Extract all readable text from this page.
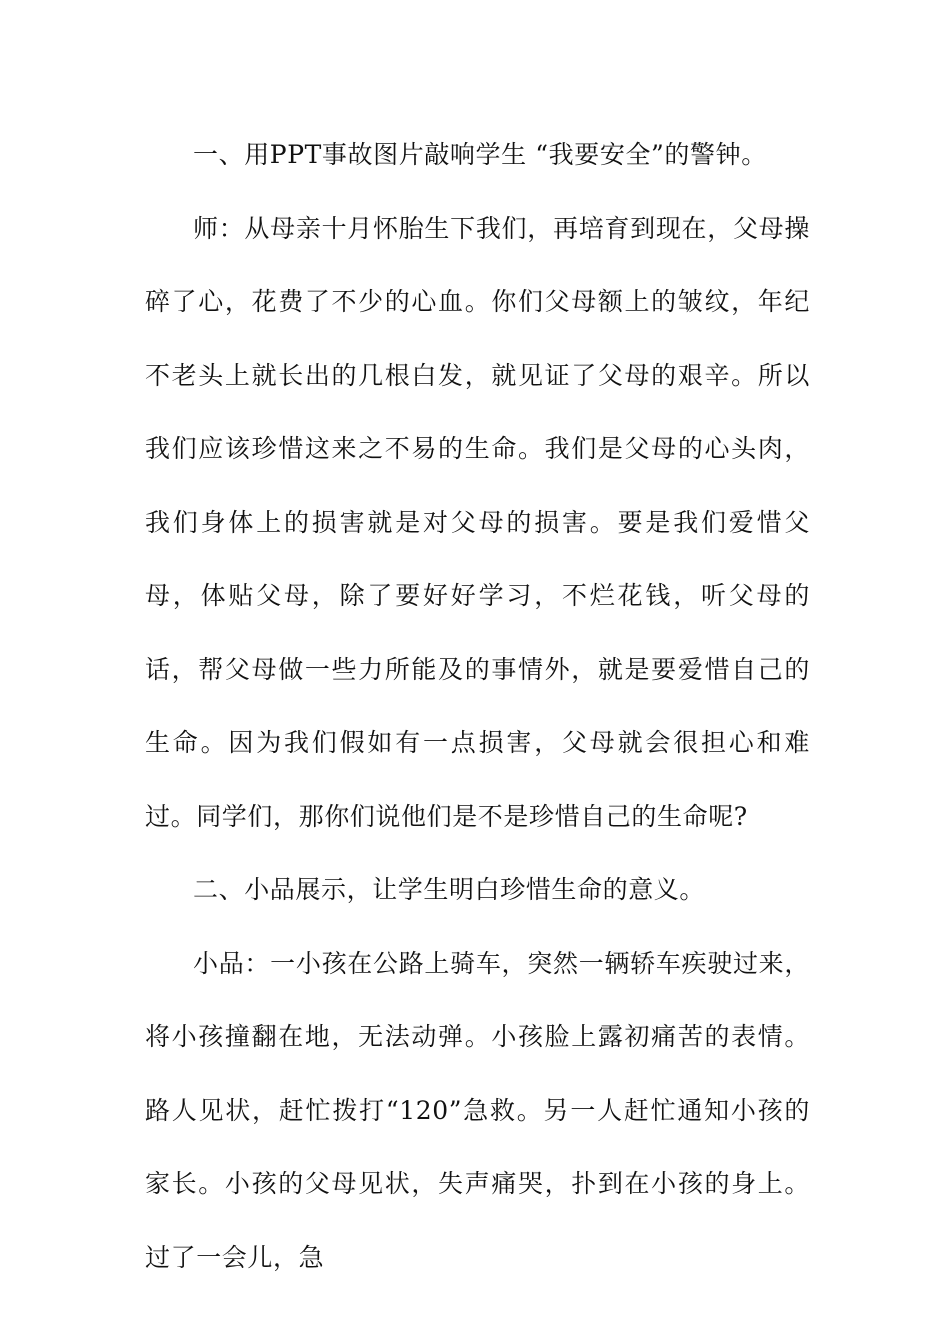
一、用PPT事故图片敲响学生 “我要安全”的警钟。

师：从母亲十月怀胎生下我们，再培育到现在，父母操碎了心，花费了不少的心血。你们父母额上的皱纹，年纪不老头上就长出的几根白发，就见证了父母的艰辛。所以我们应该珍惜这来之不易的生命。我们是父母的心头肉，我们身体上的损害就是对父母的损害。要是我们爱惜父母，体贴父母，除了要好好学习，不烂花钱，听父母的话，帮父母做一些力所能及的事情外，就是要爱惜自己的生命。因为我们假如有一点损害，父母就会很担心和难过。同学们，那你们说他们是不是珍惜自己的生命呢?

二、小品展示，让学生明白珍惜生命的意义。

小品：一小孩在公路上骑车，突然一辆轿车疾驶过来，将小孩撞翻在地，无法动弹。小孩脸上露初痛苦的表情。路人见状，赶忙拨打“120”急救。另一人赶忙通知小孩的家长。小孩的父母见状，失声痛哭，扑到在小孩的身上。过了一会儿，急
